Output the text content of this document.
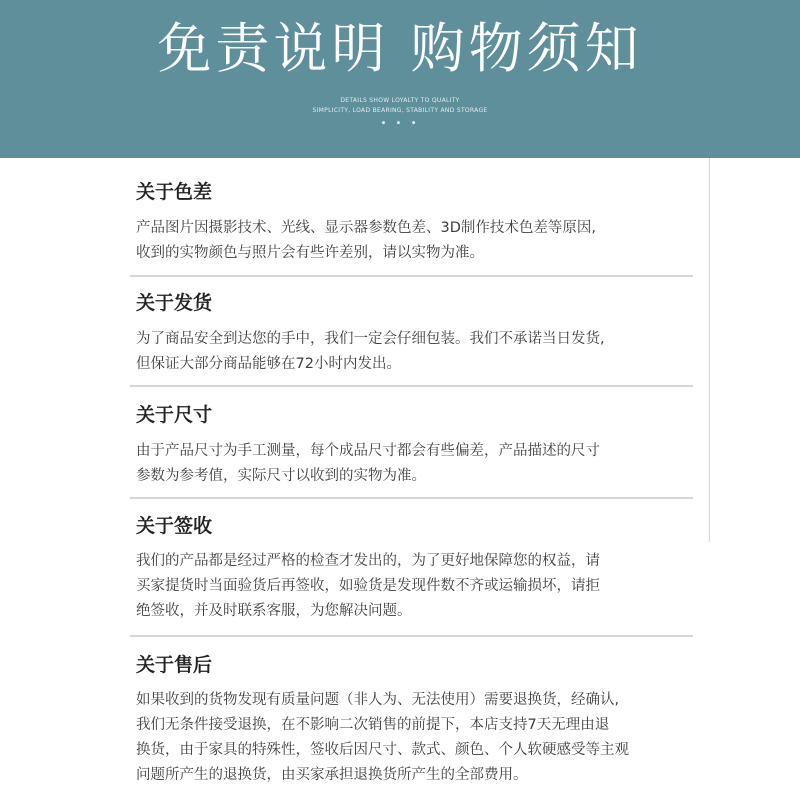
免责说明 购物须知
DETAILS SHOW LOYALTY TO QUALITY
SIMPLICITY, LOAD BEARING, STABILITY AND STORAGE
• • •
关于色差
产品图片因摄影技术、光线、显示器参数色差、3D制作技术色差等原因,
收到的实物颜色与照片会有些许差别，请以实物为准。
关于发货
为了商品安全到达您的手中，我们一定会仔细包装。我们不承诺当日发货,
但保证大部分商品能够在72小时内发出。
关于尺寸
由于产品尺寸为手工测量，每个成品尺寸都会有些偏差，产品描述的尺寸
参数为参考值，实际尺寸以收到的实物为准。
关于签收
我们的产品都是经过严格的检查才发出的，为了更好地保障您的权益，请
买家提货时当面验货后再签收，如验货是发现件数不齐或运输损坏，请拒
绝签收，并及时联系客服，为您解决问题。
关于售后
如果收到的货物发现有质量问题（非人为、无法使用）需要退换货，经确认,
我们无条件接受退换，在不影响二次销售的前提下，本店支持7天无理由退
换货，由于家具的特殊性，签收后因尺寸、款式、颜色、个人软硬感受等主观
问题所产生的退换货，由买家承担退换货所产生的全部费用。
